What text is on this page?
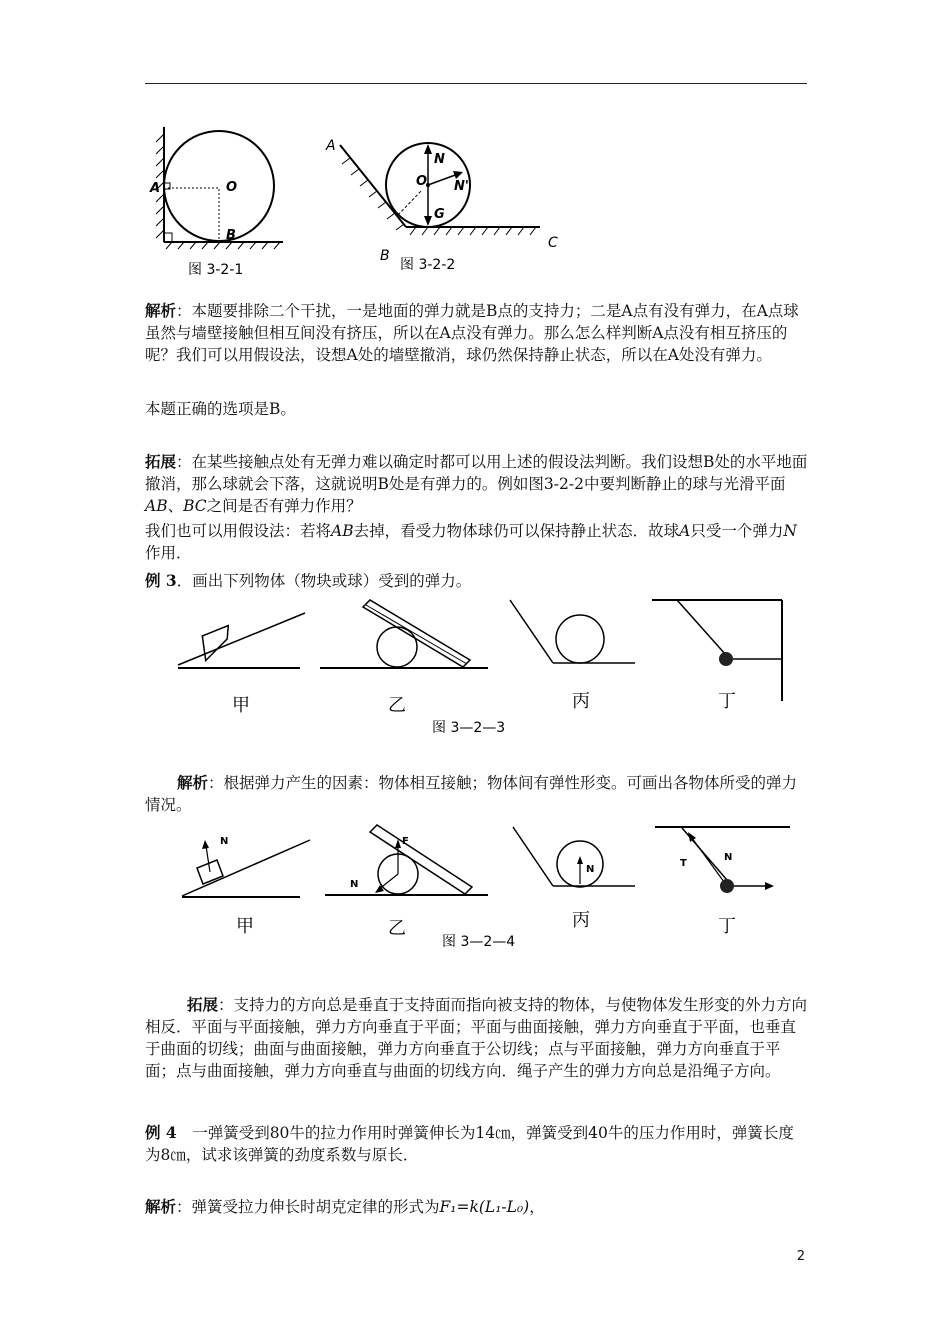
A	O
B
图 3-2-1
A
B
C
O
N
N'
G
图 3-2-2
解析：本题要排除二个干扰，一是地面的弹力就是B点的支持力；二是A点有没有弹力，在A点球虽然与墙壁接触但相互间没有挤压，所以在A点没有弹力。那么怎么样判断A点没有相互挤压的呢？我们可以用假设法，设想A处的墙壁撤消，球仍然保持静止状态，所以在A处没有弹力。
本题正确的选项是B。
拓展：在某些接触点处有无弹力难以确定时都可以用上述的假设法判断。我们设想B处的水平地面撤消，那么球就会下落，这就说明B处是有弹力的。例如图3-2-2中要判断静止的球与光滑平面AB、BC之间是否有弹力作用？
我们也可以用假设法：若将AB去掉，看受力物体球仍可以保持静止状态．故球A只受一个弹力N作用．
例 3．画出下列物体（物块或球）受到的弹力。
甲	乙	丙	丁
图 3—2—3
解析：根据弹力产生的因素：物体相互接触；物体间有弹性形变。可画出各物体所受的弹力情况。
N
甲
F
N
乙
N
丙
T
N
丁
图 3—2—4
拓展：支持力的方向总是垂直于支持面而指向被支持的物体，与使物体发生形变的外力方向相反．平面与平面接触，弹力方向垂直于平面；平面与曲面接触，弹力方向垂直于平面，也垂直于曲面的切线；曲面与曲面接触，弹力方向垂直于公切线；点与平面接触，弹力方向垂直于平面；点与曲面接触，弹力方向垂直与曲面的切线方向．绳子产生的弹力方向总是沿绳子方向。
例 4　一弹簧受到80牛的拉力作用时弹簧伸长为14㎝，弹簧受到40牛的压力作用时，弹簧长度为8㎝，试求该弹簧的劲度系数与原长．
解析：弹簧受拉力伸长时胡克定律的形式为F₁=k(L₁-L₀)，
2
